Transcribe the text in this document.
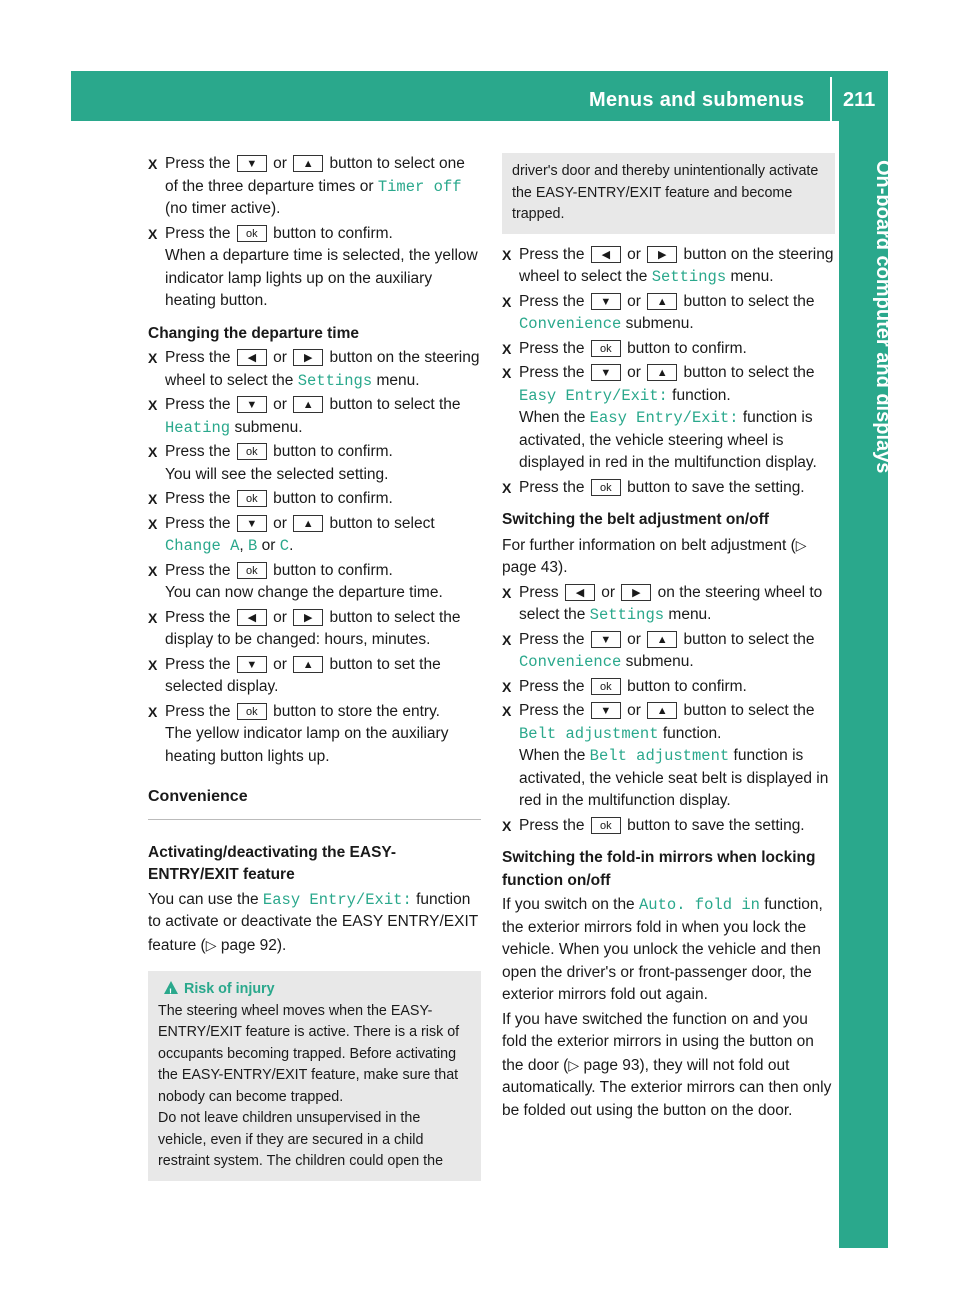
Menus and submenus 211
On-board computer and displays
X Press the ▼ or ▲ button to select one of the three departure times or Timer off (no timer active).
X Press the ok button to confirm.
When a departure time is selected, the yellow indicator lamp lights up on the auxiliary heating button.
Changing the departure time
X Press the ◀ or ▶ button on the steering wheel to select the Settings menu.
X Press the ▼ or ▲ button to select the Heating submenu.
X Press the ok button to confirm.
You will see the selected setting.
X Press the ok button to confirm.
X Press the ▼ or ▲ button to select
Change A, B or C.
X Press the ok button to confirm.
You can now change the departure time.
X Press the ◀ or ▶ button to select the display to be changed: hours, minutes.
X Press the ▼ or ▲ button to set the selected display.
X Press the ok button to store the entry.
The yellow indicator lamp on the auxiliary heating button lights up.
Convenience
Activating/deactivating the EASY-ENTRY/EXIT feature
You can use the Easy Entry/Exit: function to activate or deactivate the EASY ENTRY/EXIT feature (▷ page 92).
!
Risk of injury
The steering wheel moves when the EASY-ENTRY/EXIT feature is active. There is a risk of occupants becoming trapped. Before activating the EASY-ENTRY/EXIT feature, make sure that nobody can become trapped.
Do not leave children unsupervised in the vehicle, even if they are secured in a child restraint system. The children could open the
driver's door and thereby unintentionally activate the EASY-ENTRY/EXIT feature and become trapped.
X Press the ◀ or ▶ button on the steering wheel to select the Settings menu.
X Press the ▼ or ▲ button to select the Convenience submenu.
X Press the ok button to confirm.
X Press the ▼ or ▲ button to select the Easy Entry/Exit: function.
When the Easy Entry/Exit: function is activated, the vehicle steering wheel is displayed in red in the multifunction display.
X Press the ok button to save the setting.
Switching the belt adjustment on/off
For further information on belt adjustment (▷ page 43).
X Press ◀ or ▶ on the steering wheel to select the Settings menu.
X Press the ▼ or ▲ button to select the Convenience submenu.
X Press the ok button to confirm.
X Press the ▼ or ▲ button to select the Belt adjustment function.
When the Belt adjustment function is activated, the vehicle seat belt is displayed in red in the multifunction display.
X Press the ok button to save the setting.
Switching the fold-in mirrors when locking function on/off
If you switch on the Auto. fold in function, the exterior mirrors fold in when you lock the vehicle. When you unlock the vehicle and then open the driver's or front-passenger door, the exterior mirrors fold out again.
If you have switched the function on and you fold the exterior mirrors in using the button on the door (▷ page 93), they will not fold out automatically. The exterior mirrors can then only be folded out using the button on the door.
